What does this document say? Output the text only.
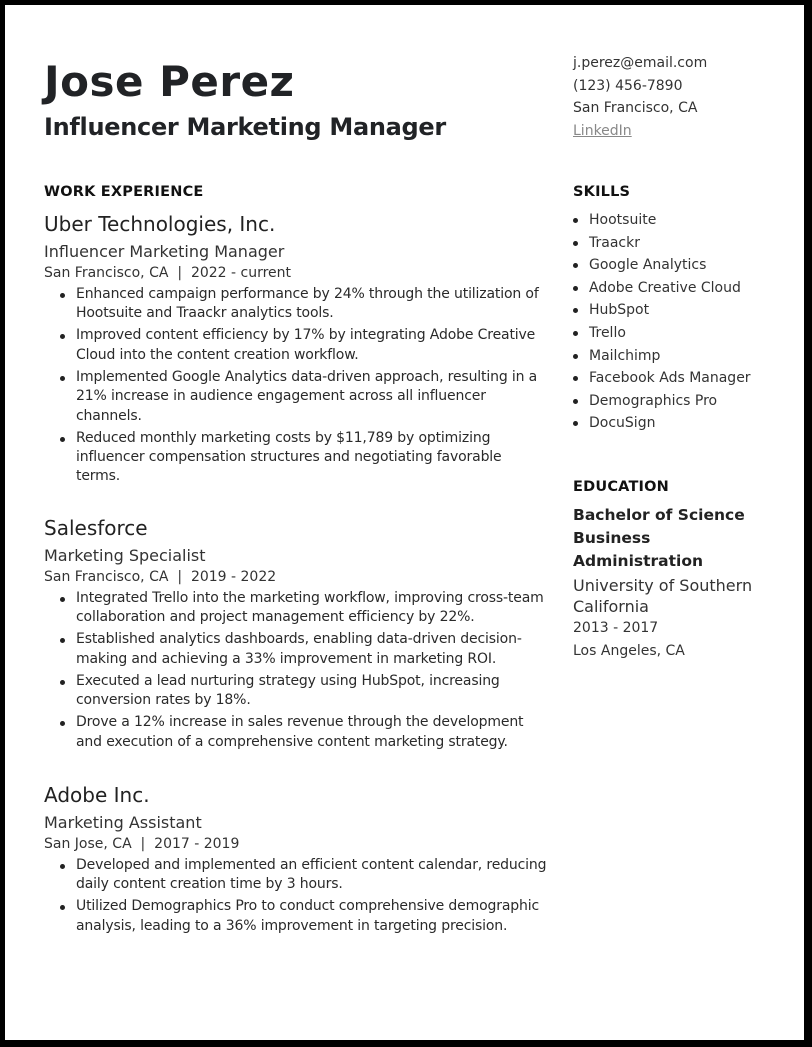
Jose Perez
Influencer Marketing Manager
j.perez@email.com
(123) 456-7890
San Francisco, CA
LinkedIn
WORK EXPERIENCE
Uber Technologies, Inc.
Influencer Marketing Manager
San Francisco, CA  |  2022 - current
Enhanced campaign performance by 24% through the utilization of Hootsuite and Traackr analytics tools.
Improved content efficiency by 17% by integrating Adobe Creative Cloud into the content creation workflow.
Implemented Google Analytics data-driven approach, resulting in a 21% increase in audience engagement across all influencer channels.
Reduced monthly marketing costs by $11,789 by optimizing influencer compensation structures and negotiating favorable terms.
Salesforce
Marketing Specialist
San Francisco, CA  |  2019 - 2022
Integrated Trello into the marketing workflow, improving cross-team collaboration and project management efficiency by 22%.
Established analytics dashboards, enabling data-driven decision-making and achieving a 33% improvement in marketing ROI.
Executed a lead nurturing strategy using HubSpot, increasing conversion rates by 18%.
Drove a 12% increase in sales revenue through the development and execution of a comprehensive content marketing strategy.
Adobe Inc.
Marketing Assistant
San Jose, CA  |  2017 - 2019
Developed and implemented an efficient content calendar, reducing daily content creation time by 3 hours.
Utilized Demographics Pro to conduct comprehensive demographic analysis, leading to a 36% improvement in targeting precision.
SKILLS
Hootsuite
Traackr
Google Analytics
Adobe Creative Cloud
HubSpot
Trello
Mailchimp
Facebook Ads Manager
Demographics Pro
DocuSign
EDUCATION
Bachelor of Science
Business Administration
University of Southern California
2013 - 2017
Los Angeles, CA
